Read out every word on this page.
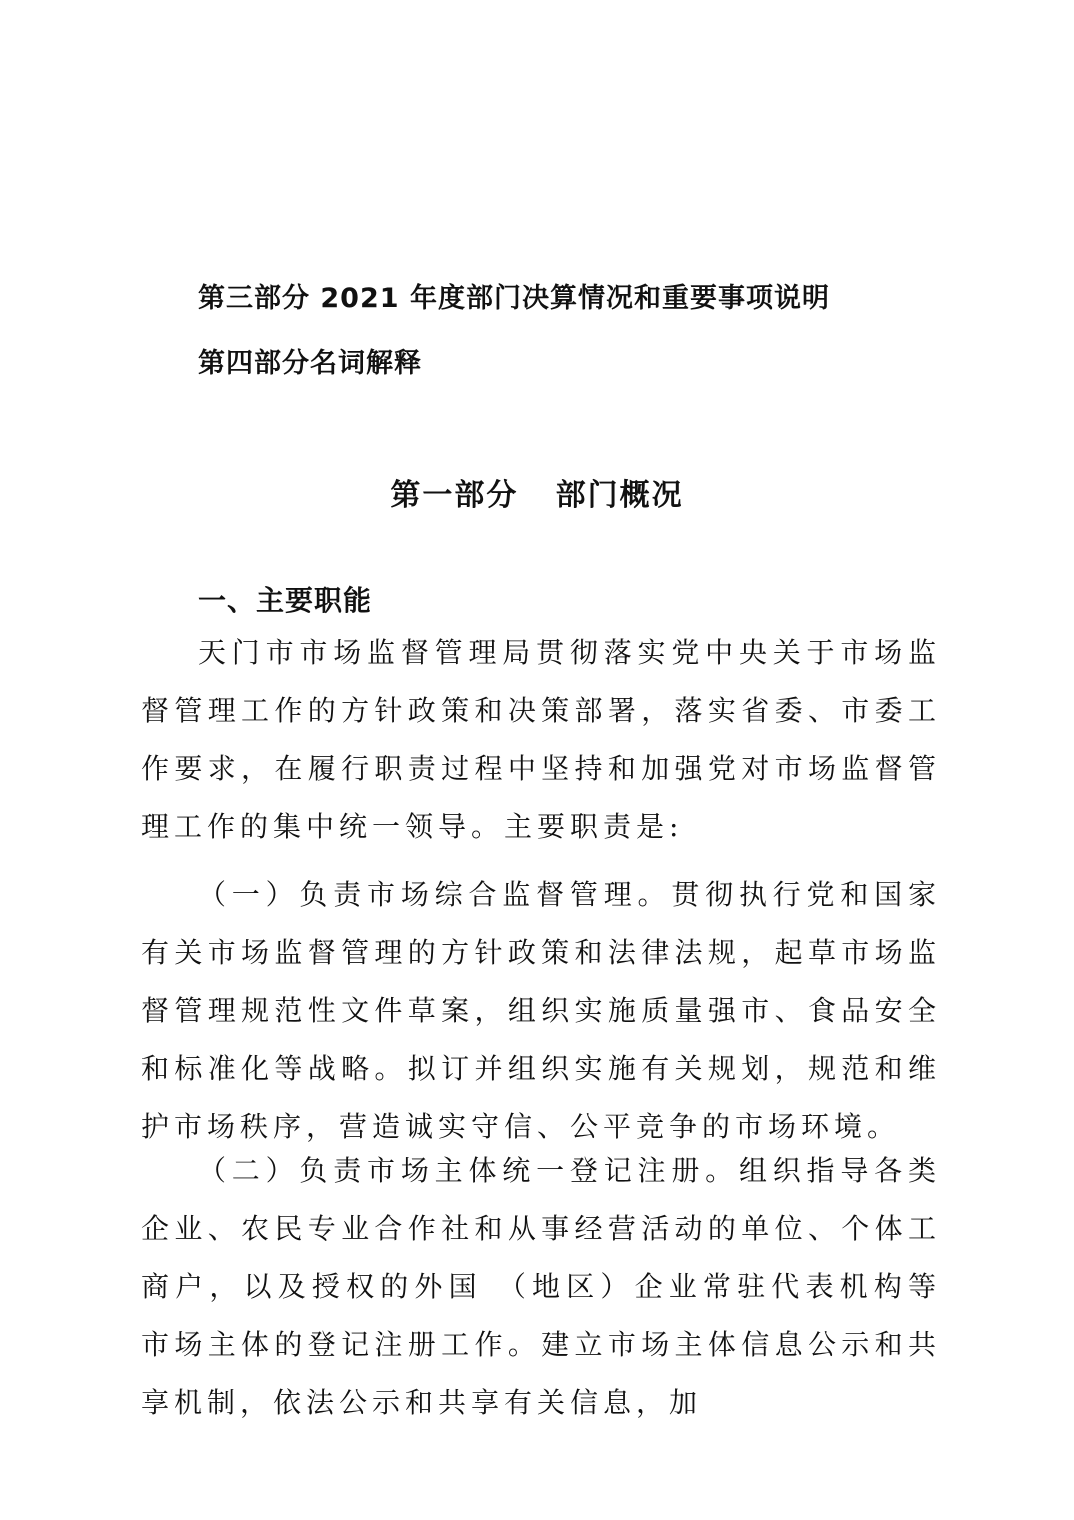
第三部分 2021 年度部门决算情况和重要事项说明
第四部分名词解释
第一部分   部门概况
一、主要职能
天门市市场监督管理局贯彻落实党中央关于市场监督管理工作的方针政策和决策部署，落实省委、市委工作要求，在履行职责过程中坚持和加强党对市场监督管理工作的集中统一领导。主要职责是:
（一）负责市场综合监督管理。贯彻执行党和国家有关市场监督管理的方针政策和法律法规，起草市场监督管理规范性文件草案，组织实施质量强市、食品安全和标准化等战略。拟订并组织实施有关规划，规范和维护市场秩序，营造诚实守信、公平竞争的市场环境。
（二）负责市场主体统一登记注册。组织指导各类企业、农民专业合作社和从事经营活动的单位、个体工商户，以及授权的外国 （地区）企业常驻代表机构等市场主体的登记注册工作。建立市场主体信息公示和共享机制，依法公示和共享有关信息，加
